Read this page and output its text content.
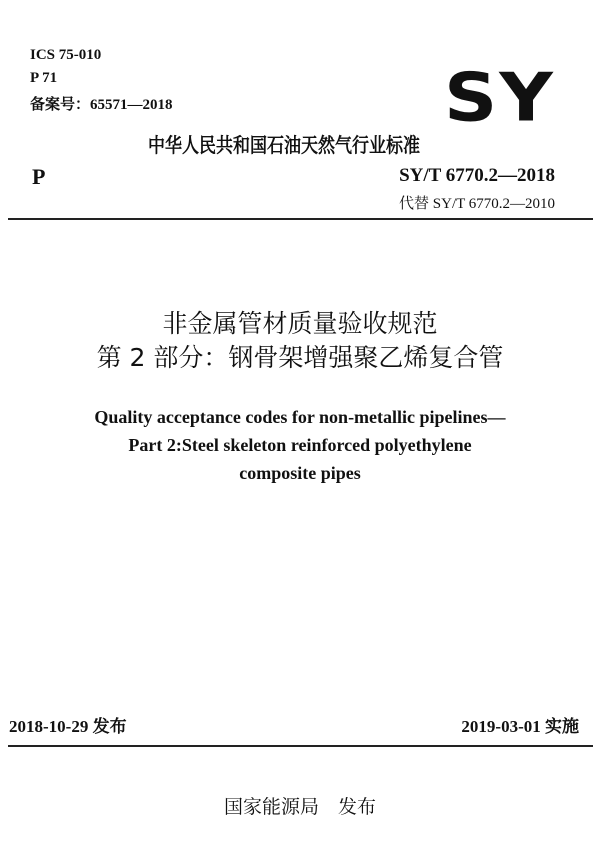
ICS 75-010
P 71
备案号：65571—2018	SY
中华人民共和国石油天然气行业标准
P	SY/T 6770.2—2018
代替 SY/T 6770.2—2010
非金属管材质量验收规范
第 2 部分：钢骨架增强聚乙烯复合管
Quality acceptance codes for non-metallic pipelines—
Part 2:Steel skeleton reinforced polyethylene
composite pipes
2018-10-29 发布	2019-03-01 实施
国家能源局　发布
